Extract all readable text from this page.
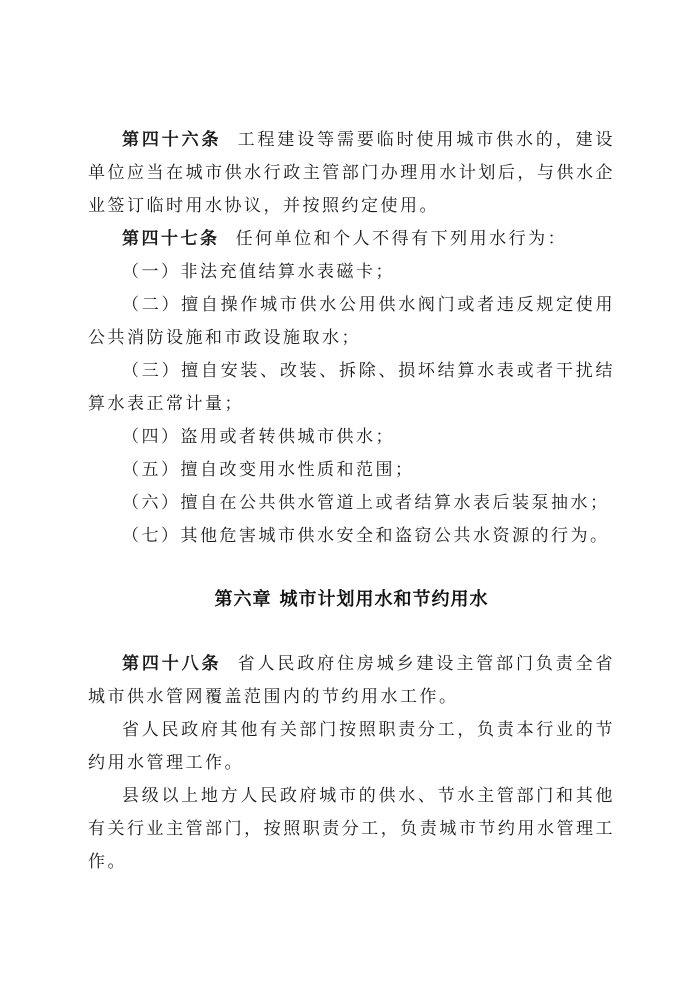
第四十六条 工程建设等需要临时使用城市供水的，建设单位应当在城市供水行政主管部门办理用水计划后，与供水企业签订临时用水协议，并按照约定使用。

第四十七条 任何单位和个人不得有下列用水行为：

（一）非法充值结算水表磁卡；

（二）擅自操作城市供水公用供水阀门或者违反规定使用公共消防设施和市政设施取水；

（三）擅自安装、改装、拆除、损坏结算水表或者干扰结算水表正常计量；

（四）盗用或者转供城市供水；

（五）擅自改变用水性质和范围；

（六）擅自在公共供水管道上或者结算水表后装泵抽水；

（七）其他危害城市供水安全和盗窃公共水资源的行为。

第六章 城市计划用水和节约用水

第四十八条 省人民政府住房城乡建设主管部门负责全省城市供水管网覆盖范围内的节约用水工作。

省人民政府其他有关部门按照职责分工，负责本行业的节约用水管理工作。

县级以上地方人民政府城市的供水、节水主管部门和其他有关行业主管部门，按照职责分工，负责城市节约用水管理工作。
